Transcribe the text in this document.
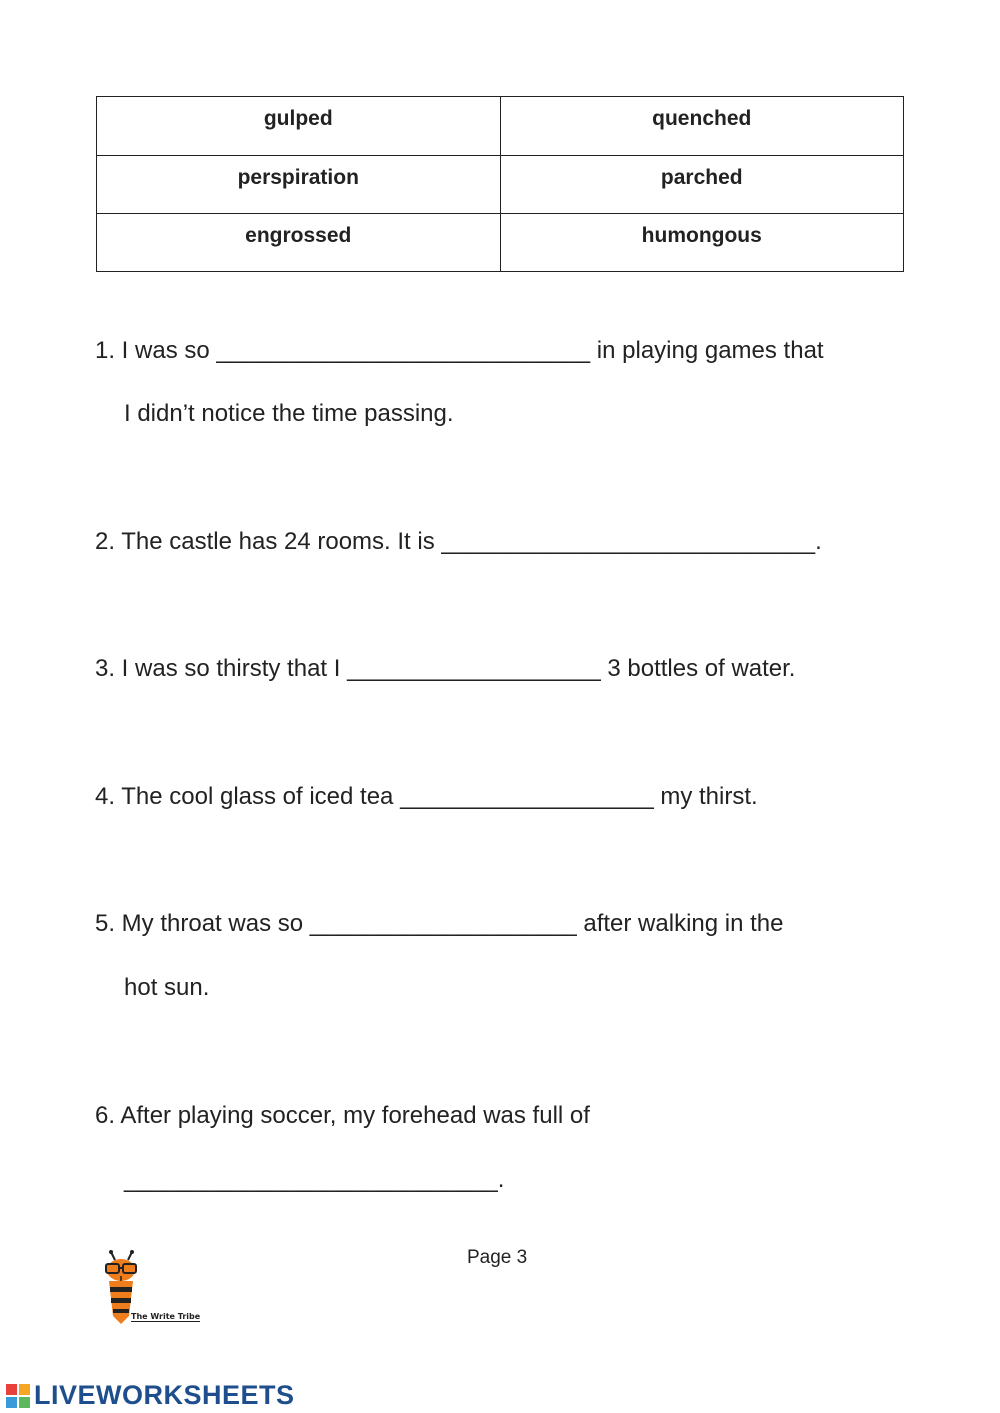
gulped	quenched
perspiration	parched
engrossed	humongous

1. I was so ____________________________ in playing games that

I didn’t notice the time passing.

2. The castle has 24 rooms. It is ____________________________.

3. I was so thirsty that I ___________________ 3 bottles of water.

4. The cool glass of iced tea ___________________ my thirst.

5. My throat was so ____________________ after walking in the

hot sun.

6. After playing soccer, my forehead was full of

____________________________.

The Write Tribe
Page 3
LIVEWORKSHEETS
